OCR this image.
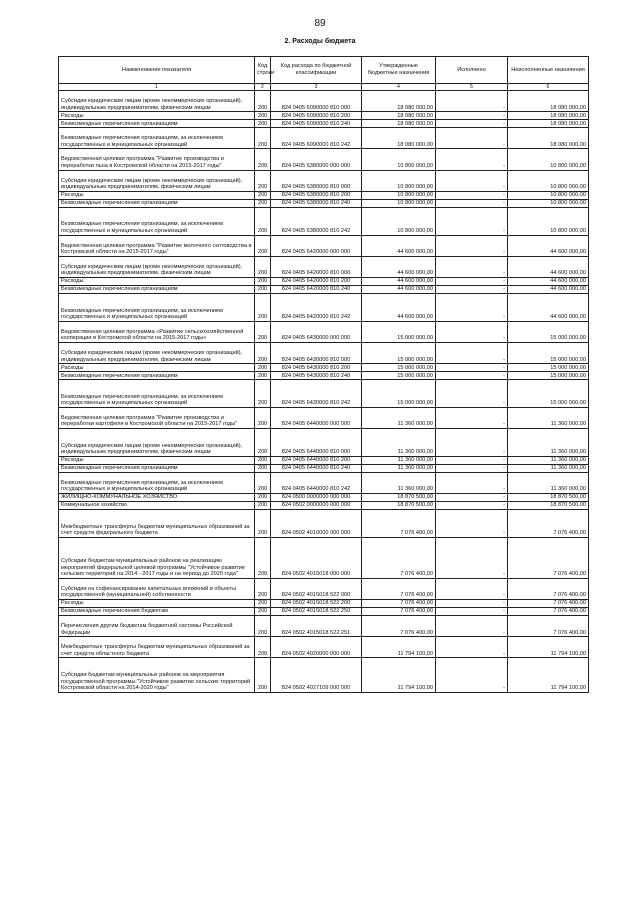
89
2. Расходы бюджета
Наименование показателя	Код строки	Код расхода по бюджетной классификации	Утвержденные бюджетные назначения	Исполнено	Неисполненные назначения
1	2	3	4	5	6
Субсидии юридическим лицам (кроме некоммерческих организаций), индивидуальным предпринимателям, физическим лицам	200	824 0405 6090000 810 000	18 080 000,00	-	18 080 000,00
Расходы	200	824 0405 6090000 810 200	18 080 000,00	-	18 080 000,00
Безвозмездные перечисления организациям	200	824 0405 6090000 810 240	18 080 000,00	-	18 080 000,00
Безвозмездные перечисления организациям, за исключением государственных и муниципальных организаций	200	824 0405 6090000 810 242	18 080 000,00	-	18 080 000,00
Ведомственная целевая программа "Развитие производства и переработки льна в Костромской области на 2015-2017 годы"	200	824 0405 6380000 000 000	10 800 000,00	-	10 800 000,00
Субсидии юридическим лицам (кроме некоммерческих организаций), индивидуальным предпринимателям, физическим лицам	200	824 0405 6380000 810 000	10 800 000,00	-	10 800 000,00
Расходы	200	824 0405 6380000 810 200	10 800 000,00	-	10 800 000,00
Безвозмездные перечисления организациям	200	824 0405 6380000 810 240	10 800 000,00	-	10 800 000,00
Безвозмездные перечисления организациям, за исключением государственных и муниципальных организаций	200	824 0405 6380000 810 242	10 800 000,00	-	10 800 000,00
Ведомственная целевая программа "Развитие молочного скотоводства в Костромской области на 2015-2017 годы"	200	824 0405 6420000 000 000	44 600 000,00	-	44 600 000,00
Субсидии юридическим лицам (кроме некоммерческих организаций), индивидуальным предпринимателям, физическим лицам	200	824 0405 6420000 810 000	44 600 000,00	-	44 600 000,00
Расходы	200	824 0405 6420000 810 200	44 600 000,00	-	44 600 000,00
Безвозмездные перечисления организациям	200	824 0405 6420000 810 240	44 600 000,00	-	44 600 000,00
Безвозмездные перечисления организациям, за исключением государственных и муниципальных организаций	200	824 0405 6420000 810 242	44 600 000,00	-	44 600 000,00
Ведомственная целевая программа «Развитие сельскохозяйственной кооперации в Костромской области на 2015-2017 годы»	200	824 0405 6430000 000 000	15 000 000,00	-	15 000 000,00
Субсидии юридическим лицам (кроме некоммерческих организаций), индивидуальным предпринимателям, физическим лицам	200	824 0405 6430000 810 000	15 000 000,00	-	15 000 000,00
Расходы	200	824 0405 6430000 810 200	15 000 000,00	-	15 000 000,00
Безвозмездные перечисления организациям	200	824 0405 6430000 810 240	15 000 000,00	-	15 000 000,00
Безвозмездные перечисления организациям, за исключением государственных и муниципальных организаций	200	824 0405 6430000 810 242	15 000 000,00	-	15 000 000,00
Ведомственная целевая программа "Развитие производства и переработки картофеля в Костромской области на 2015-2017 годы"	200	824 0405 6440000 000 000	11 360 000,00	-	11 360 000,00
Субсидии юридическим лицам (кроме некоммерческих организаций), индивидуальным предпринимателям, физическим лицам	200	824 0405 6440000 810 000	11 360 000,00	-	11 360 000,00
Расходы	200	824 0405 6440000 810 200	11 360 000,00	-	11 360 000,00
Безвозмездные перечисления организациям	200	824 0405 6440000 810 240	11 360 000,00	-	11 360 000,00
Безвозмездные перечисления организациям, за исключением государственных и муниципальных организаций	200	824 0405 6440000 810 242	11 360 000,00	-	11 360 000,00
ЖИЛИЩНО-КОММУНАЛЬНОЕ ХОЗЯЙСТВО	200	824 0500 0000000 000 000	18 870 500,00	-	18 870 500,00
Коммунальное хозяйство	200	824 0502 0000000 000 000	18 870 500,00	-	18 870 500,00
Межбюджетные трансферты бюджетам муниципальных образований за счет средств федерального бюджета	200	824 0502 4010000 000 000	7 076 400,00	-	7 076 400,00
Субсидии бюджетам муниципальных районов на реализацию мероприятий федеральной целевой программы "Устойчивое развитие сельских территорий на 2014 - 2017 годы и на период до 2020 года"	200	824 0502 4015018 000 000	7 076 400,00	-	7 076 400,00
Субсидии на софинансирование капитальных вложений в объекты государственной (муниципальной) собственности	200	824 0502 4015018 522 000	7 076 400,00	-	7 076 400,00
Расходы	200	824 0502 4015018 522 200	7 076 400,00	-	7 076 400,00
Безвозмездные перечисления бюджетам	200	824 0502 4015018 522 250	7 076 400,00	-	7 076 400,00
Перечисления другим бюджетам бюджетной системы Российской Федерации	200	824 0502 4015018 522 251	7 076 400,00	-	7 076 400,00
Межбюджетные трансферты бюджетам муниципальных образований за счет средств областного бюджета	200	824 0502 4020000 000 000	11 794 100,00	-	11 794 100,00
Субсидии бюджетам муниципальных районов на мероприятия государственной программы "Устойчивое развитие сельских территорий Костромской области на 2014-2020 годы"	200	824 0502 4027109 000 000	11 794 100,00	-	11 794 100,00
